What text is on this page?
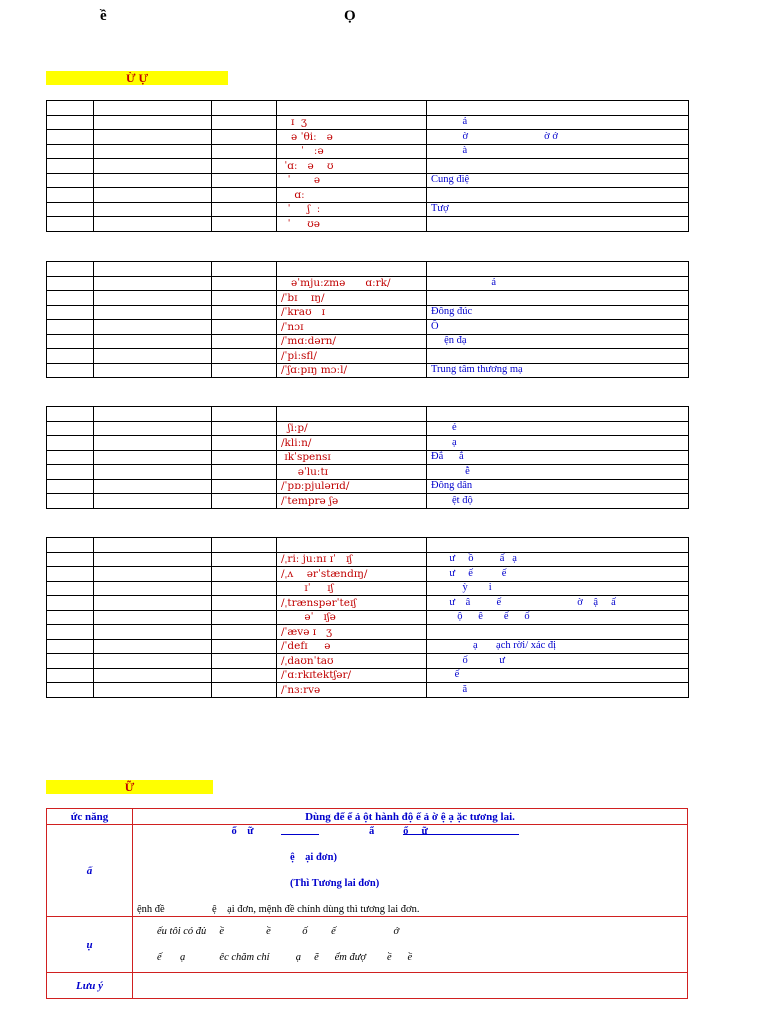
ề	Ọ
Ừ Ự

			ɪ  ʒ	ả
			ə ˈθiː   ə	ờ                             ờ ớ
			ˈ   ːə	à
			ˈɑː   ə    ʊ	
			ˈ       ə	Cung điệ
			ɑː	
			ˈ     ʃ  ː	Tượ
			ˈ     ʊə	

			əˈmjuːzmə      ɑːrk/	ả
			/ˈbɪ    ɪŋ/	
			/ˈkraʊ   ɪ	Đông đúc
			/ˈnɔɪ	Ồ
			/ˈmɑːdərn/	ện đạ
			/ˈpiːsfl/	
			/ˈʃɑːpɪŋ mɔːl/	Trung tâm thương mạ

			ʃiːp/	ẻ
			/kliːn/	ạ
			ɪkˈspensɪ	Đắ      ắ
			əˈluːtɪ	ễ
			/ˈpɒːpjulərɪd/	Đông dân
			/ˈtemprə ʃə	ệt độ

			/ˌriː juːnɪ ɪˈ   ɪʃ	ư     ồ          ấ   ạ
			/ˌʌ    ərˈstændɪŋ/	ư     ế           ế
			ɪˈ     ɪʃ	ỳ        i
			/ˌtrænspərˈteɪʃ	ư    â          ế                             ờ    ậ     ấ
			əˈ   ɪʃə	ộ      ê        ế      ố
			/ˈævə ɪ   ʒ	
			/ˈdefɪ     ə	ạ       ạch rời/ xác đị
			/ˌdaʊnˈtaʊ	ố            ư
			/ˈɑːrkɪtektʃər/	ế
			/ˈnɜːrvə	ă
Ữ
ức năng	Dùng để ể ả ột hành độ ế ả ờ ệ ạ ặc tương lai.
ấ	ổ    ữ                                            ẩ           ổ     ữ

ệ    ại đơn)

(Thì Tương lai đơn)

ệnh đề                  ệ    ại đơn, mệnh đề chính dùng thì tương lai đơn.

ụ	ếu tôi có đủ     ề                ề            ố         ế                      ớ
ế       ạ             êc chăm chỉ          ạ     ẽ      ểm đượ        ề      ề

Lưu ý	
